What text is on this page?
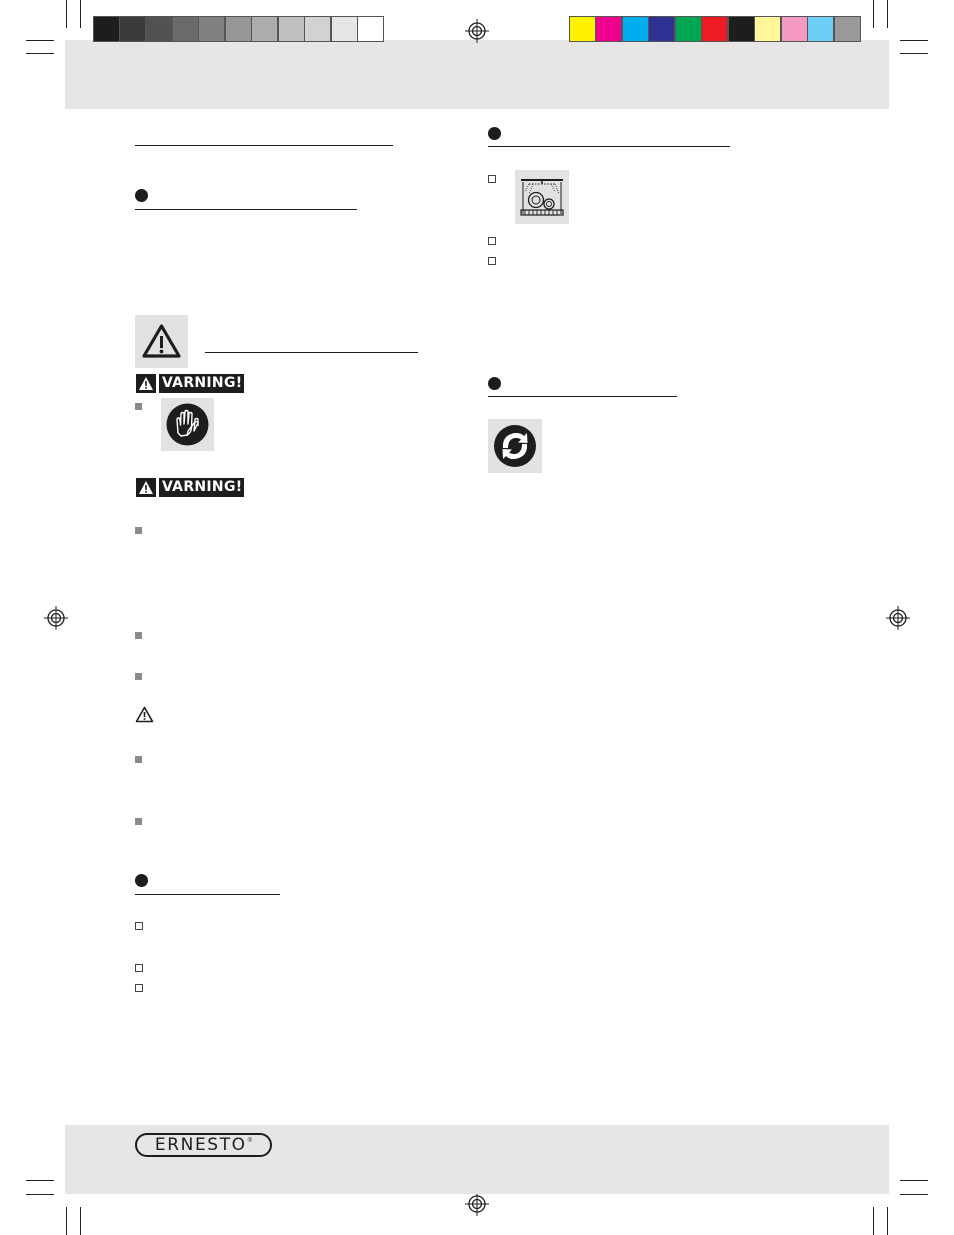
VARNING!
VARNING!
ERNESTO ®
